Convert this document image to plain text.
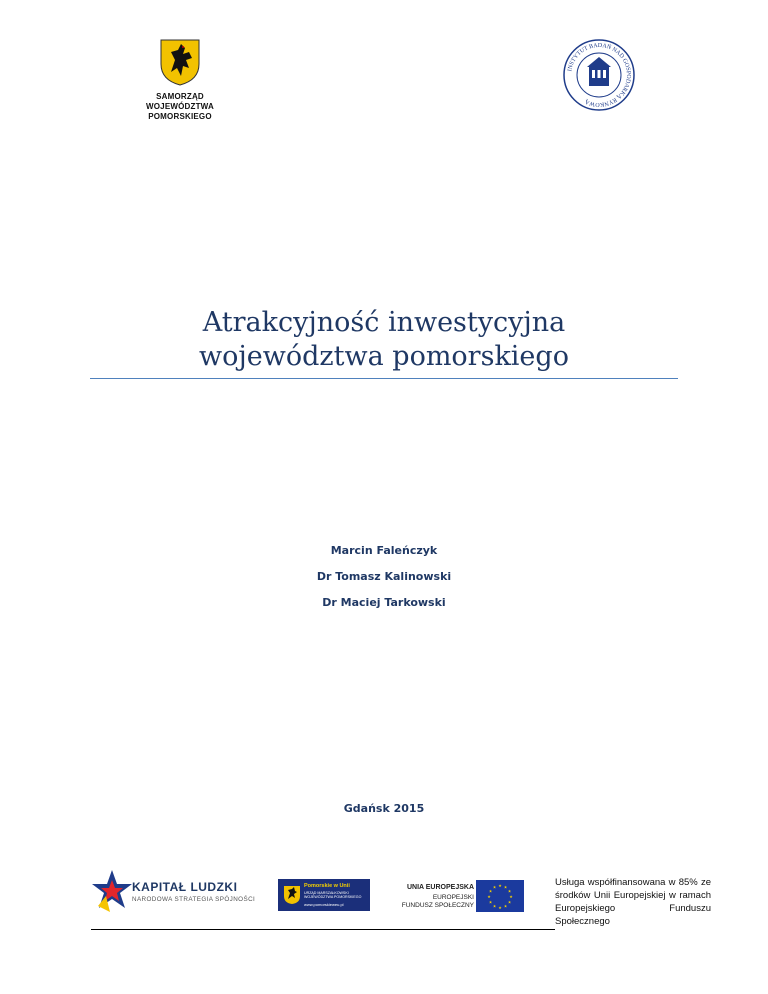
SAMORZĄD
WOJEWÓDZTWA POMORSKIEGO
INSTYTUT BADAŃ NAD GOSPODARKĄ RYNKOWĄ
Atrakcyjność inwestycyjna
województwa pomorskiego
Marcin Faleńczyk
Dr Tomasz Kalinowski
Dr Maciej Tarkowski
Gdańsk 2015
KAPITAŁ LUDZKI
NARODOWA STRATEGIA SPÓJNOŚCI
Pomorskie w Unii
URZĄD MARSZAŁKOWSKI
WOJEWÓDZTWA POMORSKIEGO
www.pomorskieweu.pl
UNIA EUROPEJSKA
EUROPEJSKI
FUNDUSZ SPOŁECZNY
★ ★
★
★
★
★
★
★
★
★
★
★	Usługa współfinansowana w 85% ze środków Unii Europejskiej w ramach Europejskiego Funduszu Społecznego
